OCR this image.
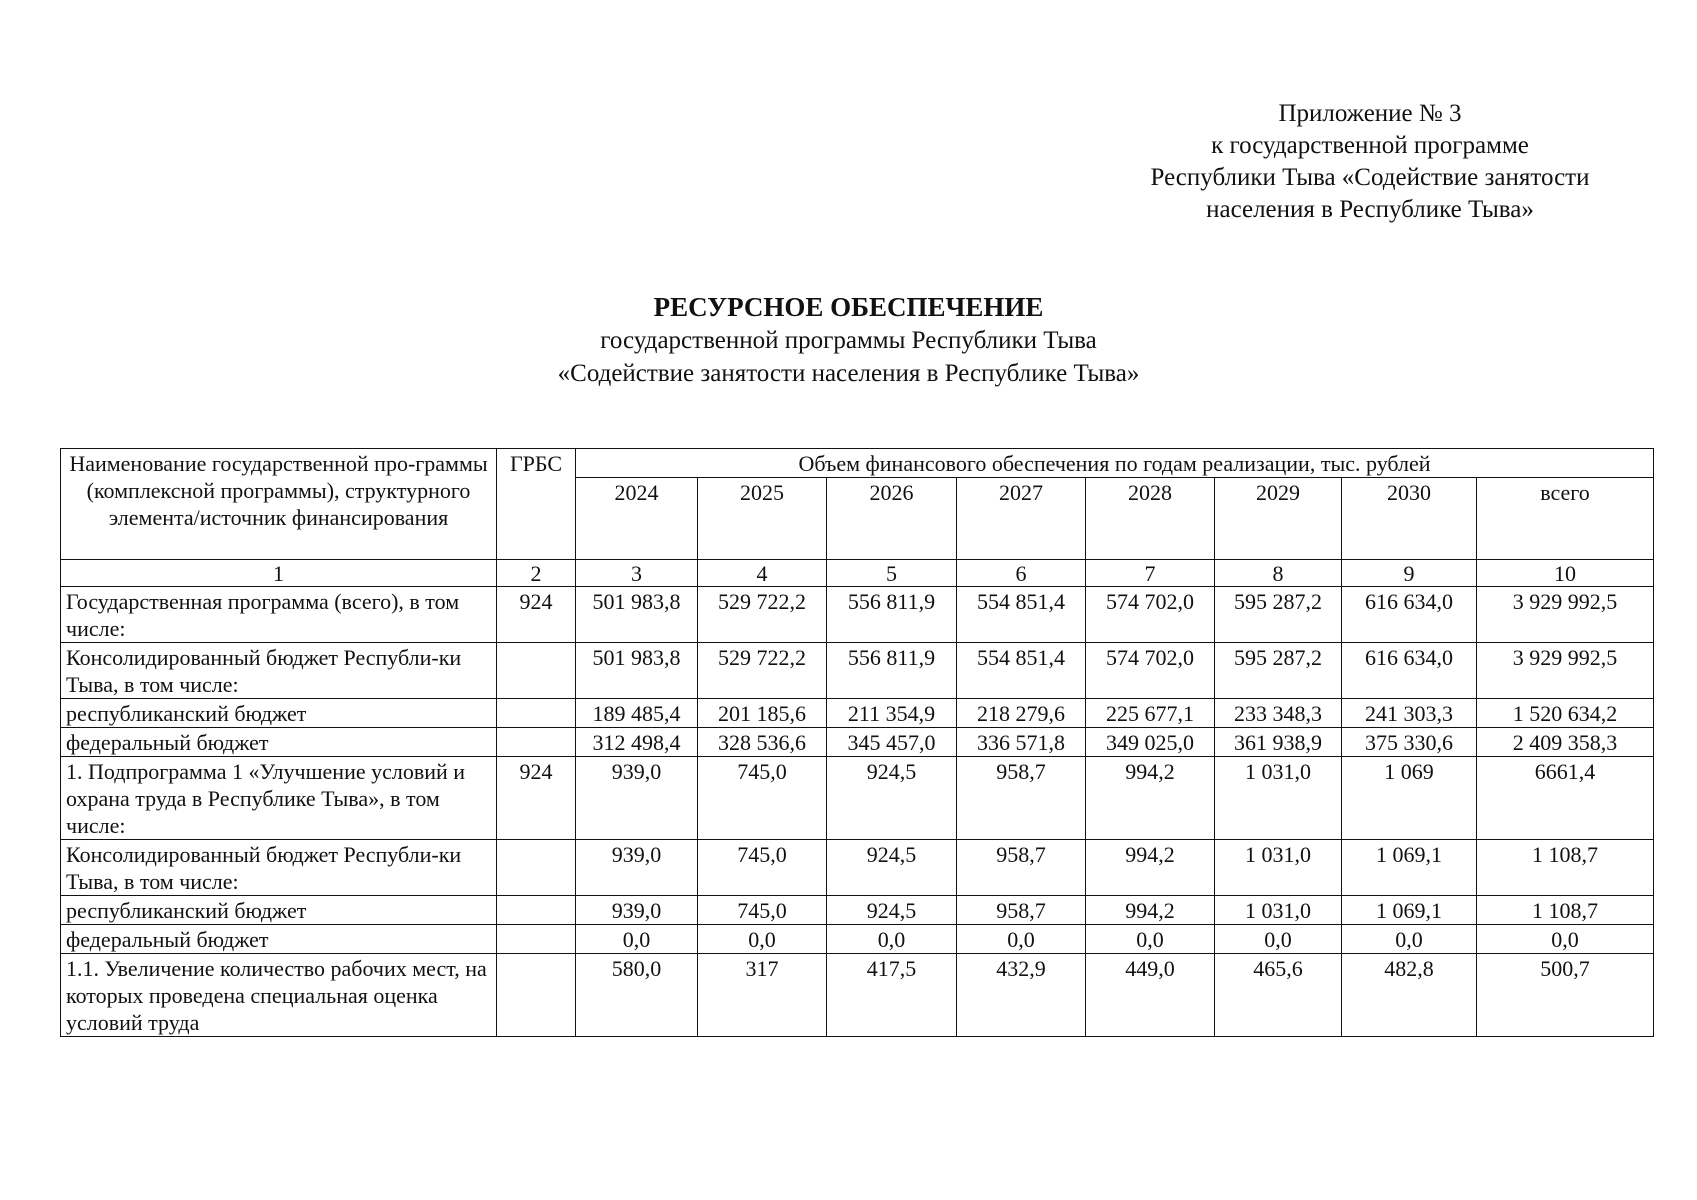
Приложение № 3
к государственной программе
Республики Тыва «Содействие занятости
населения в Республике Тыва»
РЕСУРСНОЕ ОБЕСПЕЧЕНИЕ
государственной программы Республики Тыва
«Содействие занятости населения в Республике Тыва»
Наименование государственной про-граммы (комплексной программы), структурного элемента/источник финансирования	ГРБС	Объем финансового обеспечения по годам реализации, тыс. рублей							
		2024	2025	2026	2027	2028	2029	2030	всего
1	2	3	4	5	6	7	8	9	10
Государственная программа (всего), в том числе:	924	501 983,8	529 722,2	556 811,9	554 851,4	574 702,0	595 287,2	616 634,0	3 929 992,5
Консолидированный бюджет Республи-ки Тыва, в том числе:		501 983,8	529 722,2	556 811,9	554 851,4	574 702,0	595 287,2	616 634,0	3 929 992,5
республиканский бюджет		189 485,4	201 185,6	211 354,9	218 279,6	225 677,1	233 348,3	241 303,3	1 520 634,2
федеральный бюджет		312 498,4	328 536,6	345 457,0	336 571,8	349 025,0	361 938,9	375 330,6	2 409 358,3
1. Подпрограмма 1 «Улучшение условий и охрана труда в Республике Тыва», в том числе:	924	939,0	745,0	924,5	958,7	994,2	1 031,0	1 069	6661,4
Консолидированный бюджет Республи-ки Тыва, в том числе:		939,0	745,0	924,5	958,7	994,2	1 031,0	1 069,1	1 108,7
республиканский бюджет		939,0	745,0	924,5	958,7	994,2	1 031,0	1 069,1	1 108,7
федеральный бюджет		0,0	0,0	0,0	0,0	0,0	0,0	0,0	0,0
1.1. Увеличение количество рабочих мест, на которых проведена специальная оценка условий труда		580,0	317	417,5	432,9	449,0	465,6	482,8	500,7
